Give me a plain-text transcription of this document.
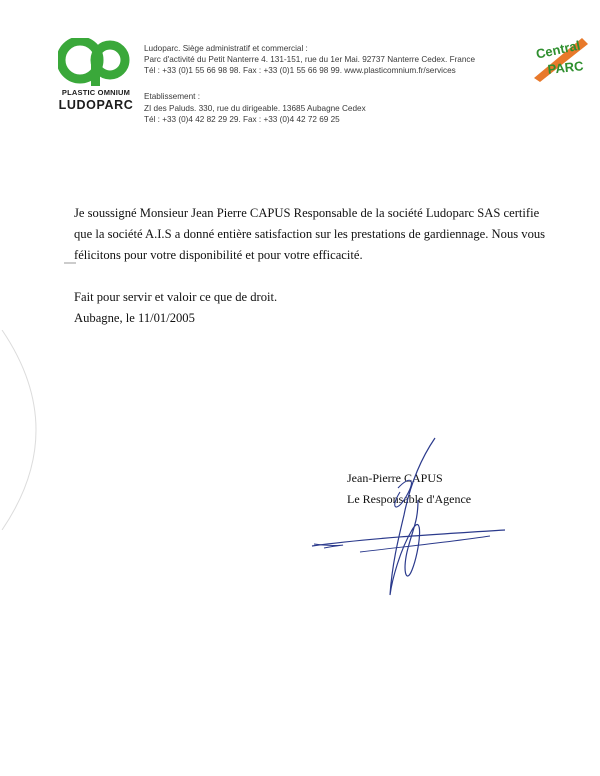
PLASTIC OMNIUM
LUDOPARC
Ludoparc. Siège administratif et commercial :
Parc d'activité du Petit Nanterre 4. 131-151, rue du 1er Mai. 92737 Nanterre Cedex. France
Tél : +33 (0)1 55 66 98 98. Fax : +33 (0)1 55 66 98 99. www.plasticomnium.fr/services
Etablissement :
ZI des Paluds. 330, rue du dirigeable. 13685 Aubagne Cedex
Tél : +33 (0)4 42 82 29 29. Fax : +33 (0)4 42 72 69 25
Central
PARC
Je soussigné Monsieur Jean Pierre CAPUS Responsable de la société Ludoparc SAS certifie
que la société A.I.S a donné entière satisfaction sur les prestations de gardiennage. Nous vous
félicitons pour votre disponibilité et pour votre efficacité.
Fait pour servir et valoir ce que de droit.
Aubagne, le 11/01/2005
Jean-Pierre CAPUS
Le Responsable d'Agence
